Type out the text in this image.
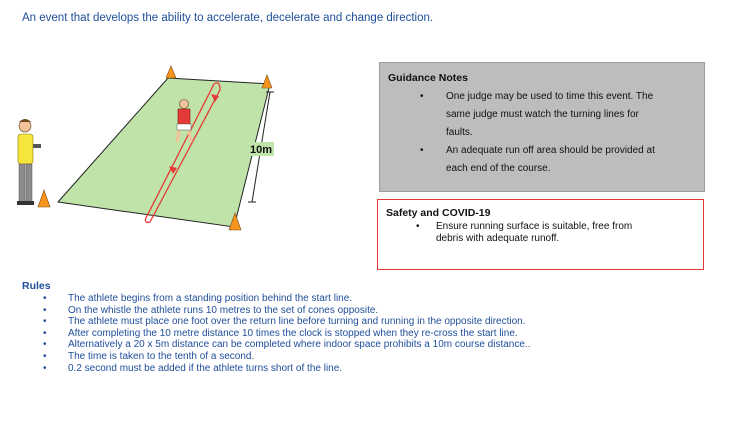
An event that develops the ability to accelerate, decelerate and change direction.
10m
Guidance Notes
• One judge may be used to time this event. The
same judge must watch the turning lines for
faults.
• An adequate run off area should be provided at
each end of the course.
Safety and COVID-19
• Ensure running surface is suitable, free from
debris with adequate runoff.
Rules
• The athlete begins from a standing position behind the start line.
• On the whistle the athlete runs 10 metres to the set of cones opposite.
• The athlete must place one foot over the return line before turning and running in the opposite direction.
• After completing the 10 metre distance 10 times the clock is stopped when they re-cross the start line.
• Alternatively a 20 x 5m distance can be completed where indoor space prohibits a 10m course distance..
• The time is taken to the tenth of a second.
• 0.2 second must be added if the athlete turns short of the line.
